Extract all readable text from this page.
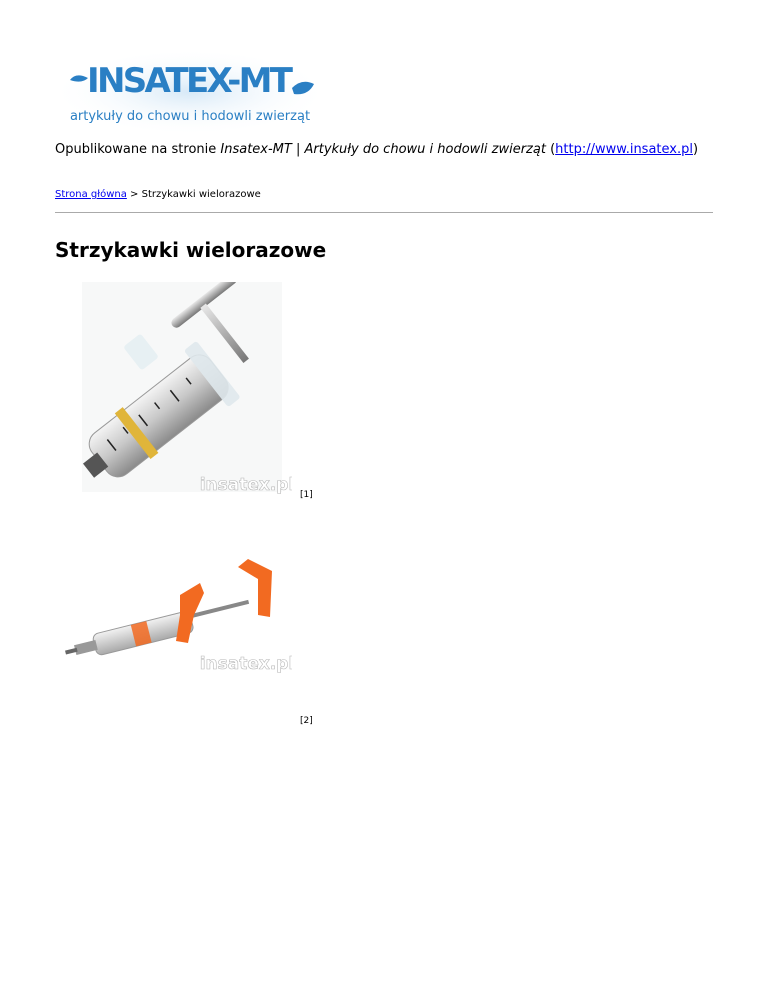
INSATEX-MT
artykuły do chowu i hodowli zwierząt
Opublikowane na stronie Insatex-MT | Artykuły do chowu i hodowli zwierząt (http://www.insatex.pl)
Strona główna > Strzykawki wielorazowe
Strzykawki wielorazowe
insatex.pl [1]
insatex.pl
[2]
